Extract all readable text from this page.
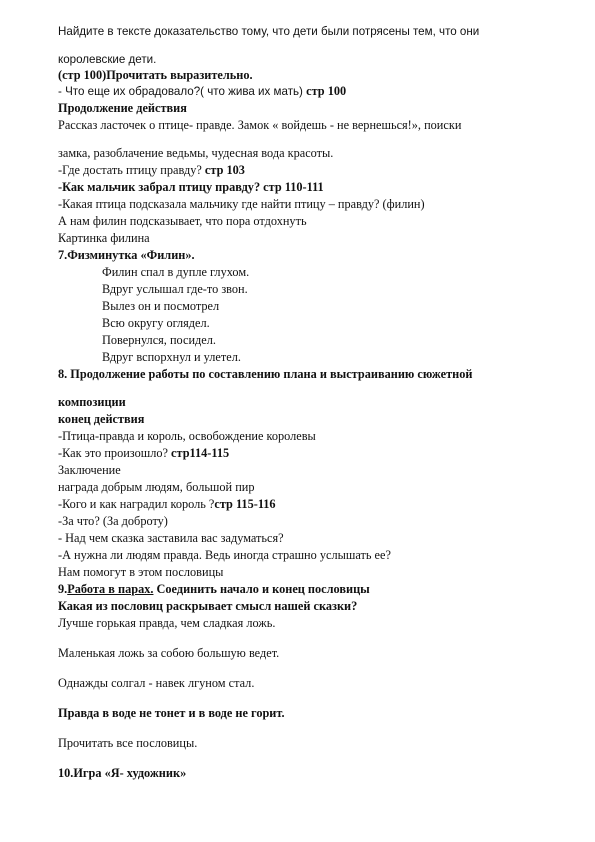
Найдите в тексте доказательство тому, что дети были потрясены тем, что они
королевские дети.
(стр 100)Прочитать выразительно.
- Что еще их обрадовало?( что жива их мать) стр 100
Продолжение действия
Рассказ ласточек о птице- правде. Замок « войдешь - не вернешься!», поиски
замка, разоблачение ведьмы, чудесная вода красоты.
-Где достать птицу правду? стр 103
-Как мальчик забрал птицу правду? стр 110-111
-Какая птица подсказала мальчику где найти птицу – правду? (филин)
А нам филин подсказывает, что пора отдохнуть
Картинка филина
7.Физминутка «Филин».
Филин спал в дупле глухом.
Вдруг услышал где-то звон.
Вылез он и посмотрел
Всю округу оглядел.
Повернулся, посидел.
Вдруг вспорхнул и улетел.
8. Продолжение работы по составлению плана и выстраиванию сюжетной
композиции
конец действия
-Птица-правда и король, освобождение королевы
-Как это произошло? стр114-115
Заключение
награда добрым людям, большой пир
-Кого и как наградил король ?стр 115-116
-За что? (За доброту)
- Над чем сказка заставила вас задуматься?
-А нужна ли людям правда. Ведь иногда страшно услышать ее?
Нам помогут в этом пословицы
9.Работа в парах. Соединить начало и конец пословицы
Какая из пословиц раскрывает смысл нашей сказки?
Лучше горькая правда, чем сладкая ложь.
Маленькая ложь за собою большую ведет.
Однажды солгал - навек лгуном стал.
Правда в воде не тонет и в воде не горит.
Прочитать все пословицы.
10.Игра «Я- художник»
